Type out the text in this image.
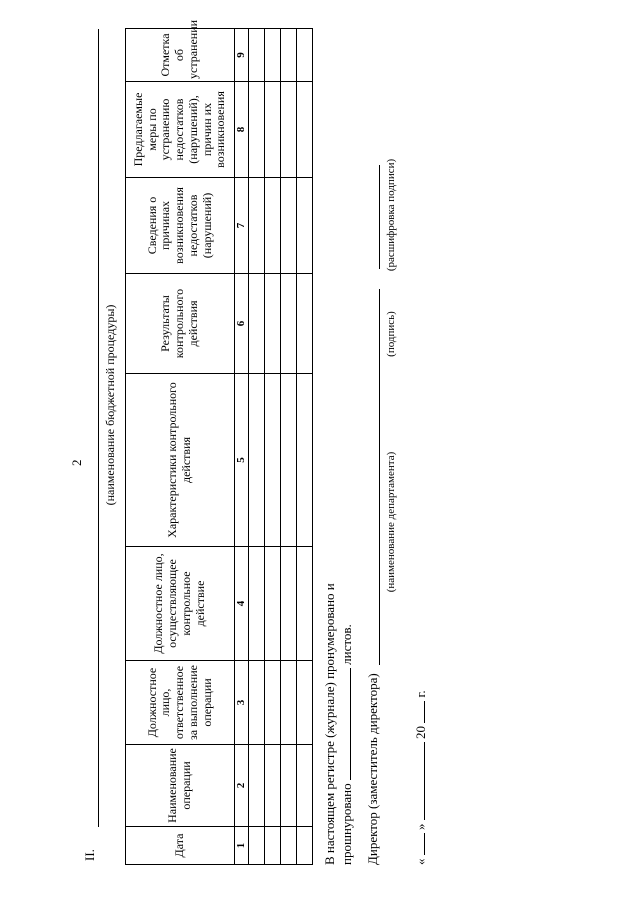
2
II.
(наименование бюджетной процедуры)
Дата	Наименование операции	Должностное лицо, ответственное за выполнение операции	Должностное лицо, осуществляющее контрольное действие	Характеристики контрольного действия	Результаты контрольного действия	Сведения о причинах возникновения недостатков (нарушений)	Предлагаемые меры по устранению недостатков (нарушений), причин их возникновения	Отметка об устранении
1	2	3	4	5	6	7	8	9

В настоящем регистре (журнале) пронумеровано и прошнуровано  листов.
Директор (заместитель директора)
(наименование департамента)
(подпись)
(расшифровка подписи)
«  »  20  г.
